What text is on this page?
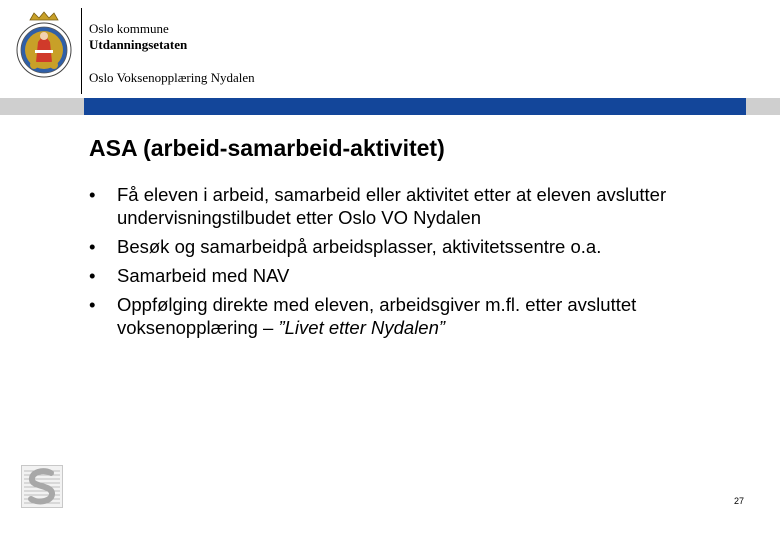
Oslo kommune
Utdanningsetaten
Oslo Voksenopplæring Nydalen
ASA (arbeid-samarbeid-aktivitet)
•	Få eleven i arbeid, samarbeid eller aktivitet etter at eleven avslutter undervisningstilbudet etter Oslo VO Nydalen
•	Besøk og samarbeidpå arbeidsplasser, aktivitetssentre o.a.
•	Samarbeid med NAV
•	Oppfølging direkte med eleven, arbeidsgiver m.fl. etter avsluttet voksenopplæring – ”Livet etter Nydalen”
27
